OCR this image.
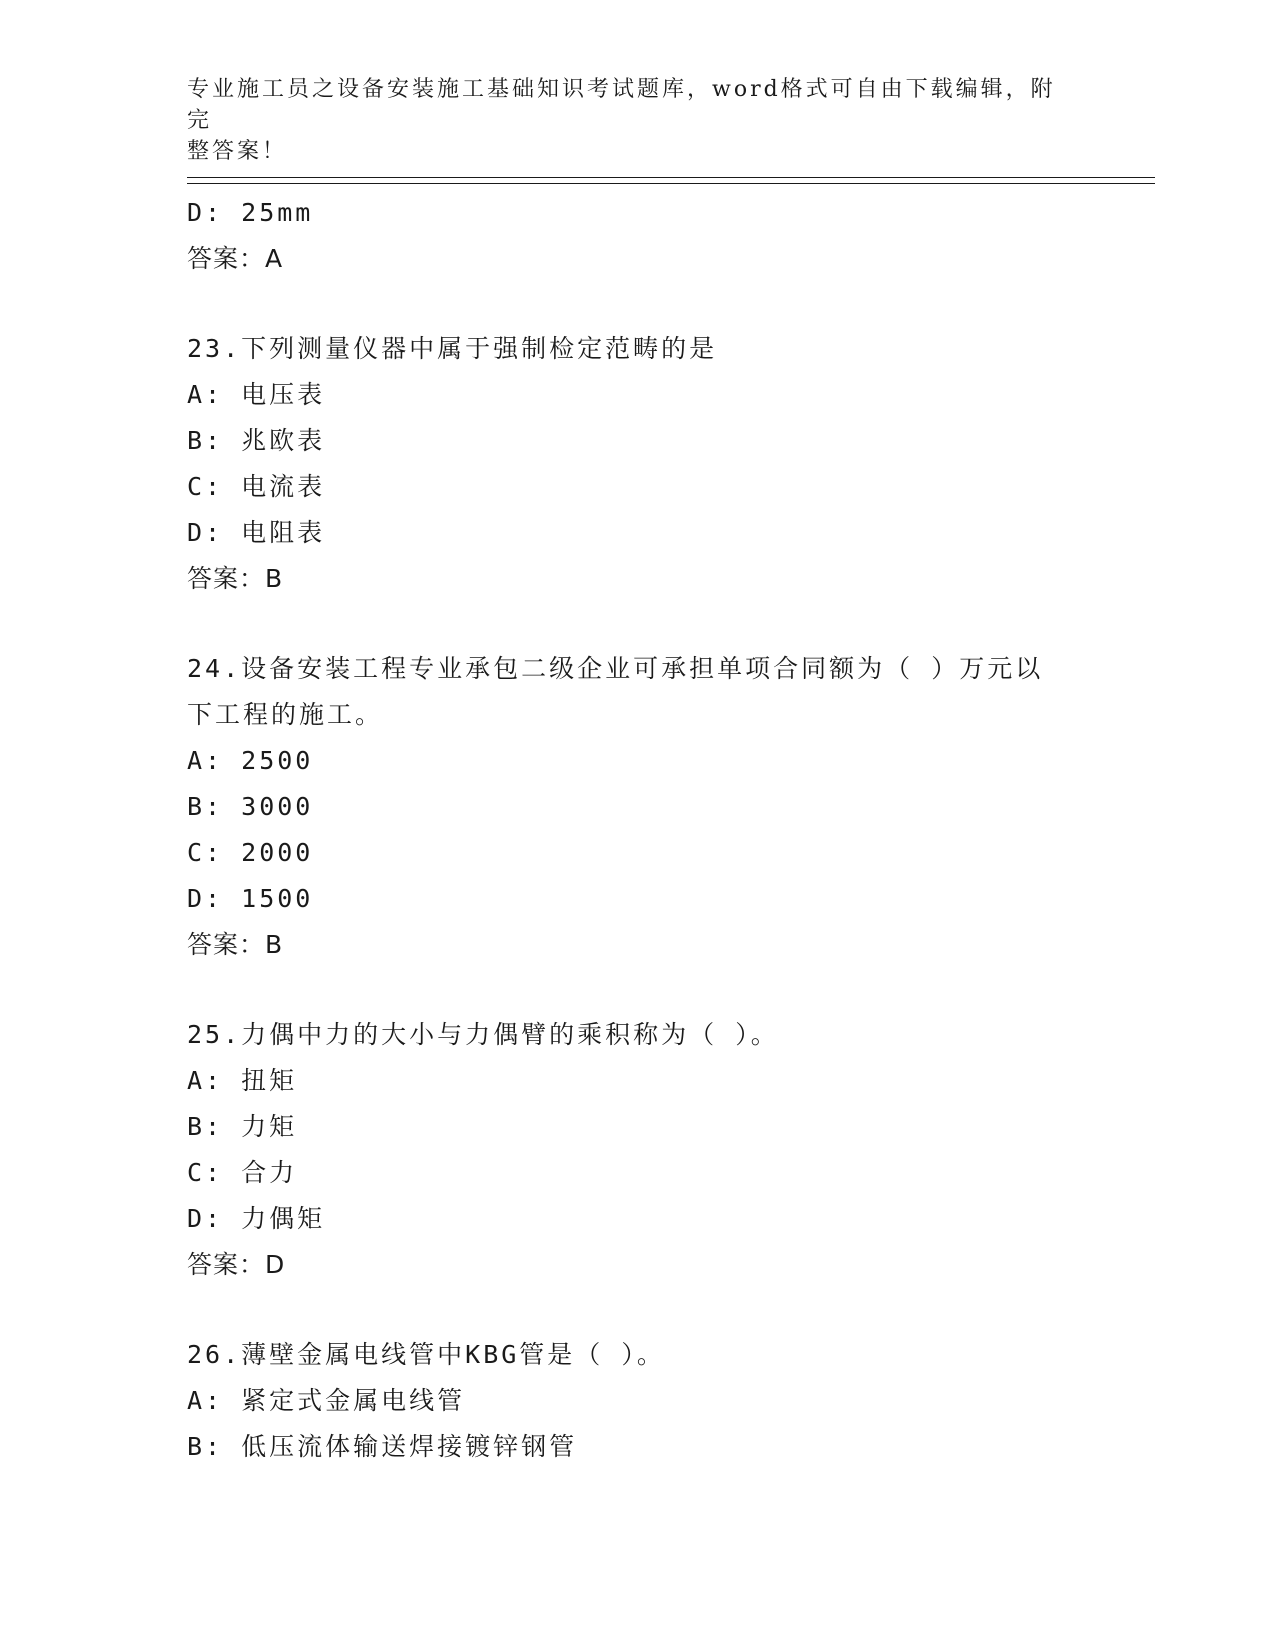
专业施工员之设备安装施工基础知识考试题库，word格式可自由下载编辑，附完
整答案！
D: 25mm
答案：A
23.下列测量仪器中属于强制检定范畴的是
A: 电压表
B: 兆欧表
C: 电流表
D: 电阻表
答案：B
24.设备安装工程专业承包二级企业可承担单项合同额为（ ）万元以
下工程的施工。
A: 2500
B: 3000
C: 2000
D: 1500
答案：B
25.力偶中力的大小与力偶臂的乘积称为（ ）。
A: 扭矩
B: 力矩
C: 合力
D: 力偶矩
答案：D
26.薄壁金属电线管中KBG管是（ ）。
A: 紧定式金属电线管
B: 低压流体输送焊接镀锌钢管
